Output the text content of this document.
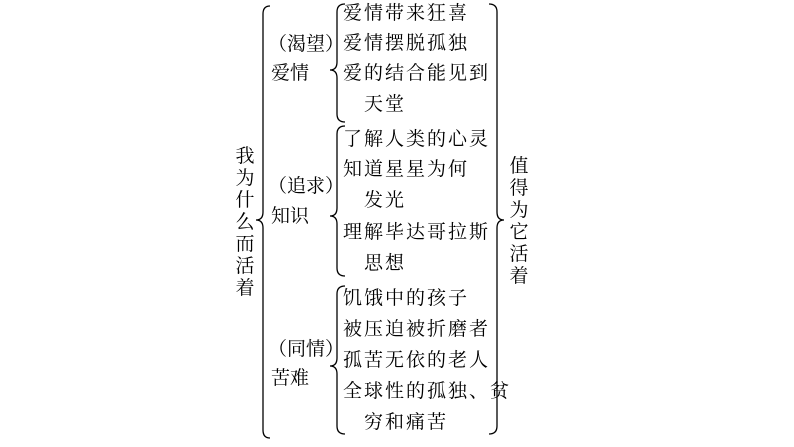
我为什么而活着
值得为它活着
（渴望）
爱情
爱情带来狂喜
爱情摆脱孤独
爱的结合能见到
天堂
（追求）
知识
了解人类的心灵
知道星星为何
发光
理解毕达哥拉斯
思想
（同情）
苦难
饥饿中的孩子
被压迫被折磨者
孤苦无依的老人
全球性的孤独、贫
穷和痛苦
